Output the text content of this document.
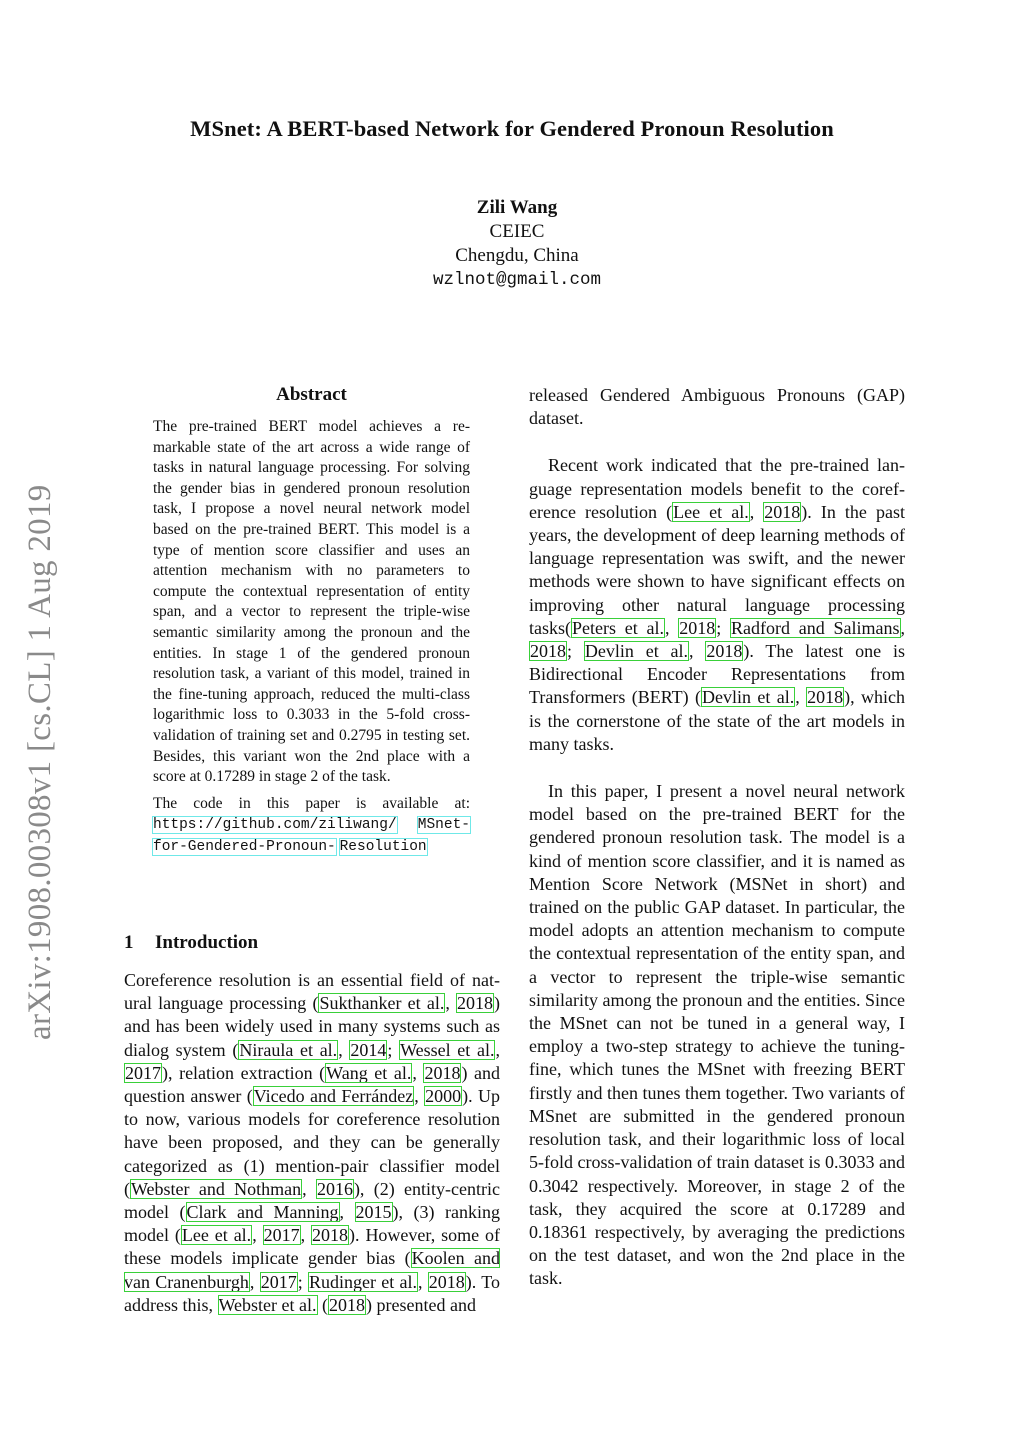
MSnet: A BERT-based Network for Gendered Pronoun Resolution
Zili Wang
CEIEC
Chengdu, China
wzlnot@gmail.com
arXiv:1908.00308v1 [cs.CL] 1 Aug 2019
Abstract

The pre-trained BERT model achieves a remarkable state of the art across a wide range of tasks in natural language processing. For solving the gender bias in gendered pronoun resolution task, I propose a novel neural network model based on the pre-trained BERT. This model is a type of mention score classifier and uses an attention mechanism with no parameters to compute the contextual representation of entity span, and a vector to represent the triple-wise semantic similarity among the pronoun and the entities. In stage 1 of the gendered pronoun resolution task, a variant of this model, trained in the fine-tuning approach, reduced the multi-class logarithmic loss to 0.3033 in the 5-fold cross-validation of training set and 0.2795 in testing set. Besides, this variant won the 2nd place with a score at 0.17289 in stage 2 of the task.

The code in this paper is available at: https://github.com/ziliwang/ MSnet-for-Gendered-Pronoun- Resolution

1 Introduction

Coreference resolution is an essential field of natural language processing (Sukthanker et al., 2018) and has been widely used in many systems such as dialog system (Niraula et al., 2014; Wessel et al., 2017), relation extraction (Wang et al., 2018) and question answer (Vicedo and Ferrández, 2000). Up to now, various models for coreference resolution have been proposed, and they can be generally categorized as (1) mention-pair classifier model (Webster and Nothman, 2016), (2) entity-centric model (Clark and Manning, 2015), (3) ranking model (Lee et al., 2017, 2018). However, some of these models implicate gender bias (Koolen and van Cranenburgh, 2017; Rudinger et al., 2018). To address this, Webster et al. (2018) presented and

released Gendered Ambiguous Pronouns (GAP) dataset.

Recent work indicated that the pre-trained language representation models benefit to the coreference resolution (Lee et al., 2018). In the past years, the development of deep learning methods of language representation was swift, and the newer methods were shown to have significant effects on improving other natural language processing tasks(Peters et al., 2018; Radford and Salimans, 2018; Devlin et al., 2018). The latest one is Bidirectional Encoder Representations from Transformers (BERT) (Devlin et al., 2018), which is the cornerstone of the state of the art models in many tasks.

In this paper, I present a novel neural network model based on the pre-trained BERT for the gendered pronoun resolution task. The model is a kind of mention score classifier, and it is named as Mention Score Network (MSNet in short) and trained on the public GAP dataset. In particular, the model adopts an attention mechanism to compute the contextual representation of the entity span, and a vector to represent the triple-wise semantic similarity among the pronoun and the entities. Since the MSnet can not be tuned in a general way, I employ a two-step strategy to achieve the tuning-fine, which tunes the MSnet with freezing BERT firstly and then tunes them together. Two variants of MSnet are submitted in the gendered pronoun resolution task, and their logarithmic loss of local 5-fold cross-validation of train dataset is 0.3033 and 0.3042 respectively. Moreover, in stage 2 of the task, they acquired the score at 0.17289 and 0.18361 respectively, by averaging the predictions on the test dataset, and won the 2nd place in the task.
